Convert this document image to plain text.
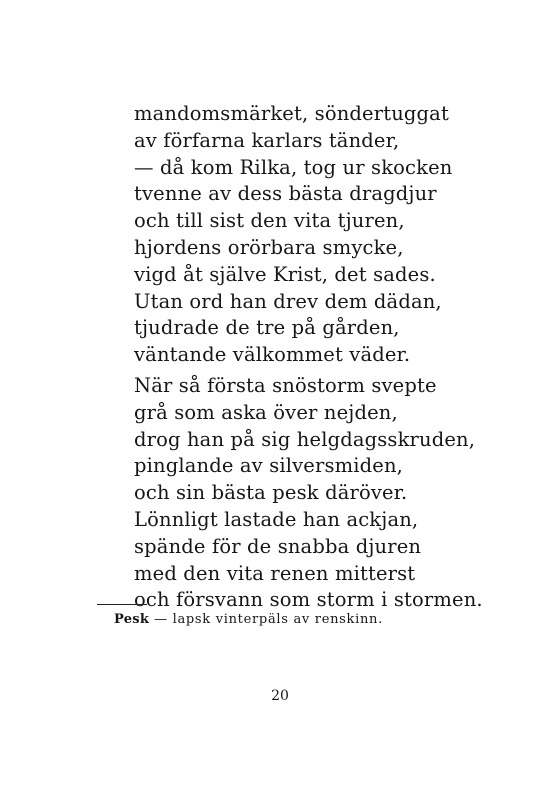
mandomsmärket, söndertuggat
av förfarna karlars tänder,
— då kom Rilka, tog ur skocken
tvenne av dess bästa dragdjur
och till sist den vita tjuren,
hjordens orörbara smycke,
vigd åt själve Krist, det sades.
Utan ord han drev dem dädan,
tjudrade de tre på gården,
väntande välkommet väder.
När så första snöstorm svepte
grå som aska över nejden,
drog han på sig helgdagsskruden,
pinglande av silversmiden,
och sin bästa pesk däröver.
Lönnligt lastade han ackjan,
spände för de snabba djuren
med den vita renen mitterst
och försvann som storm i stormen.
Pesk — lapsk vinterpäls av renskinn.
20
